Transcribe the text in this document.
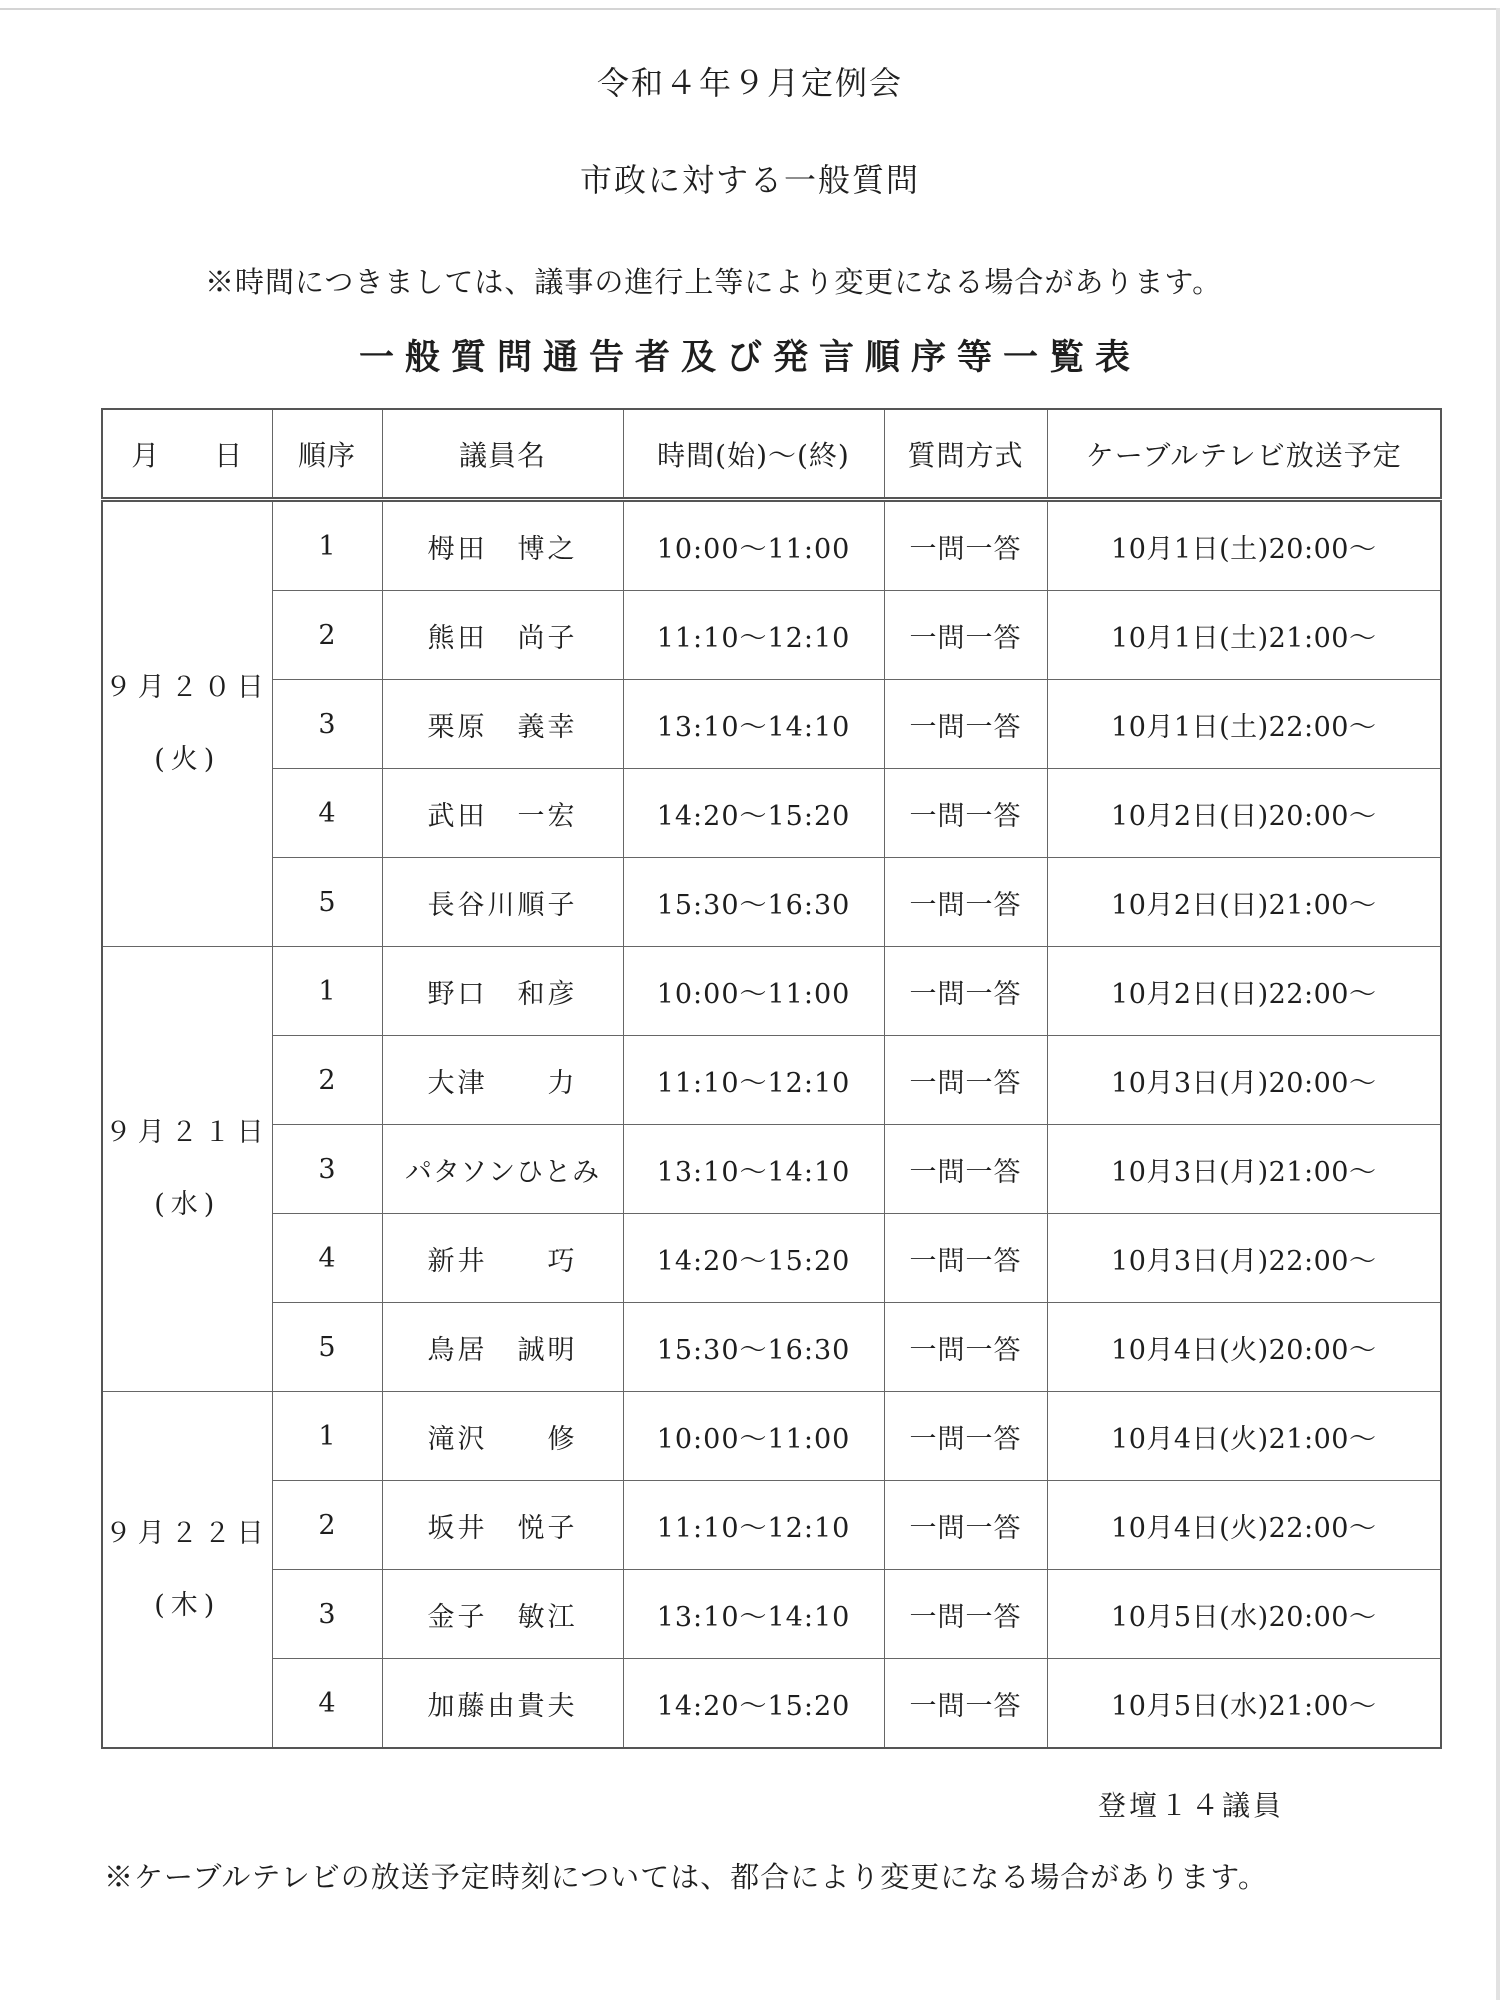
令和４年９月定例会
市政に対する一般質問

※時間につきましては、議事の進行上等により変更になる場合があります。

一般質問通告者及び発言順序等一覧表
月 日	順序	議員名	時間(始)～(終)	質問方式	ケーブルテレビ放送予定

９月２０日
(火)	1	栂田　博之	10:00～11:00	一問一答	10月1日(土)20:00～
	2	熊田　尚子	11:10～12:10	一問一答	10月1日(土)21:00～
	3	栗原　義幸	13:10～14:10	一問一答	10月1日(土)22:00～
	4	武田　一宏	14:20～15:20	一問一答	10月2日(日)20:00～
	5	長谷川順子	15:30～16:30	一問一答	10月2日(日)21:00～

９月２１日
(水)	1	野口　和彦	10:00～11:00	一問一答	10月2日(日)22:00～
	2	大津　　力	11:10～12:10	一問一答	10月3日(月)20:00～
	3	パタソンひとみ	13:10～14:10	一問一答	10月3日(月)21:00～
	4	新井　　巧	14:20～15:20	一問一答	10月3日(月)22:00～
	5	鳥居　誠明	15:30～16:30	一問一答	10月4日(火)20:00～

９月２２日
(木)	1	滝沢　　修	10:00～11:00	一問一答	10月4日(火)21:00～
	2	坂井　悦子	11:10～12:10	一問一答	10月4日(火)22:00～
	3	金子　敏江	13:10～14:10	一問一答	10月5日(水)20:00～
	4	加藤由貴夫	14:20～15:20	一問一答	10月5日(水)21:00～
登壇１４議員
※ケーブルテレビの放送予定時刻については、都合により変更になる場合があります。
